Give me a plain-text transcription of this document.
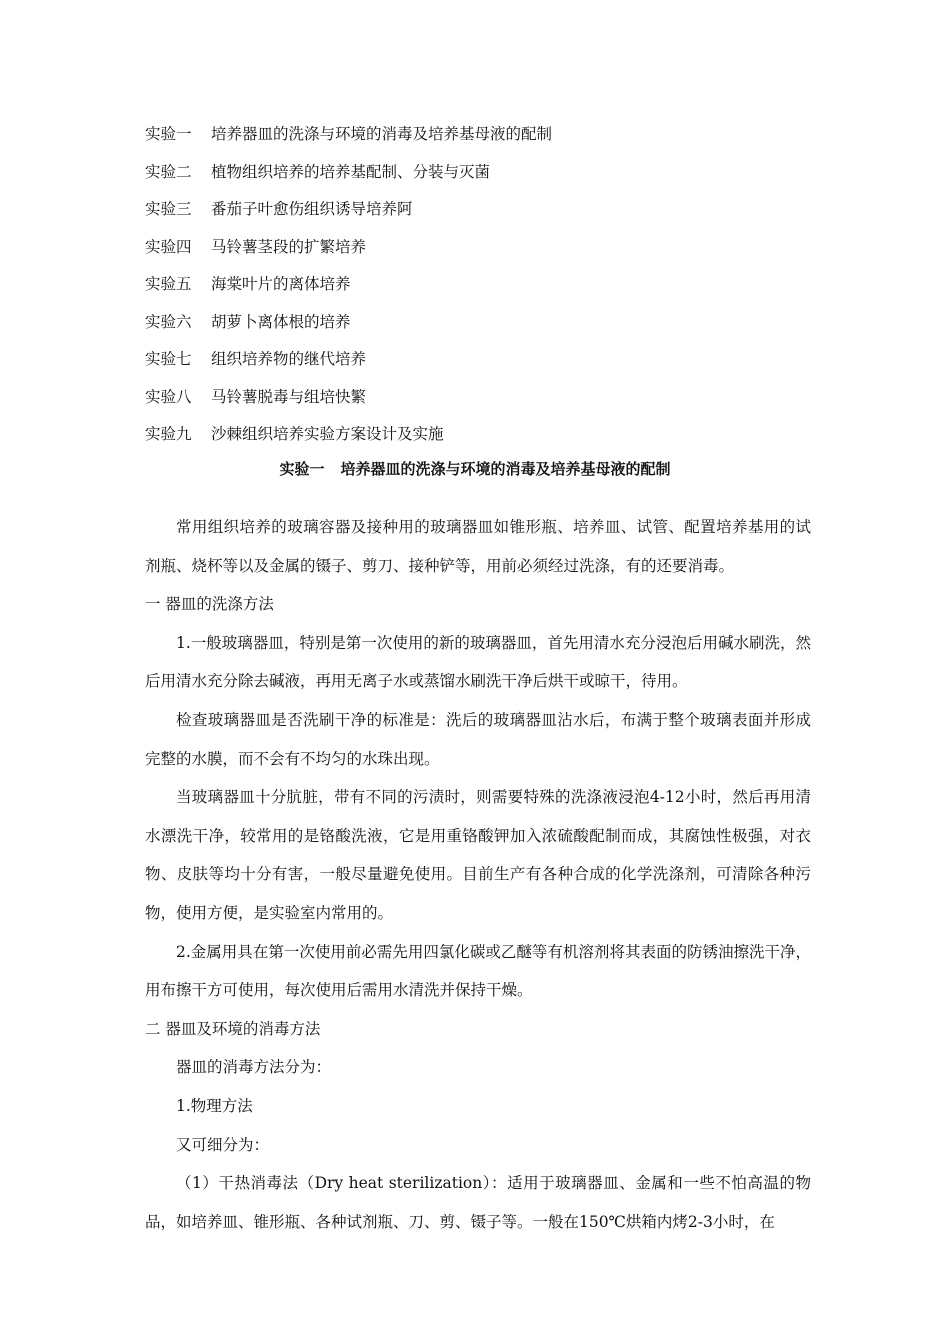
实验一 培养器皿的洗涤与环境的消毒及培养基母液的配制
实验二 植物组织培养的培养基配制、分装与灭菌
实验三 番茄子叶愈伤组织诱导培养阿
实验四 马铃薯茎段的扩繁培养
实验五 海棠叶片的离体培养
实验六 胡萝卜离体根的培养
实验七 组织培养物的继代培养
实验八 马铃薯脱毒与组培快繁
实验九 沙棘组织培养实验方案设计及实施
实验一 培养器皿的洗涤与环境的消毒及培养基母液的配制

常用组织培养的玻璃容器及接种用的玻璃器皿如锥形瓶、培养皿、试管、配置培养基用的试剂瓶、烧杯等以及金属的镊子、剪刀、接种铲等，用前必须经过洗涤，有的还要消毒。

一 器皿的洗涤方法

1.一般玻璃器皿，特别是第一次使用的新的玻璃器皿，首先用清水充分浸泡后用碱水刷洗，然后用清水充分除去碱液，再用无离子水或蒸馏水刷洗干净后烘干或晾干，待用。

检查玻璃器皿是否洗刷干净的标准是：洗后的玻璃器皿沾水后，布满于整个玻璃表面并形成完整的水膜，而不会有不均匀的水珠出现。

当玻璃器皿十分肮脏，带有不同的污渍时，则需要特殊的洗涤液浸泡4-12小时，然后再用清水漂洗干净，较常用的是铬酸洗液，它是用重铬酸钾加入浓硫酸配制而成，其腐蚀性极强，对衣物、皮肤等均十分有害，一般尽量避免使用。目前生产有各种合成的化学洗涤剂，可清除各种污物，使用方便，是实验室内常用的。

2.金属用具在第一次使用前必需先用四氯化碳或乙醚等有机溶剂将其表面的防锈油擦洗干净，用布擦干方可使用，每次使用后需用水清洗并保持干燥。

二 器皿及环境的消毒方法

器皿的消毒方法分为：

1.物理方法

又可细分为：

（1）干热消毒法（Dry heat sterilization）：适用于玻璃器皿、金属和一些不怕高温的物品，如培养皿、锥形瓶、各种试剂瓶、刀、剪、镊子等。一般在150℃烘箱内烤2-3小时，在
